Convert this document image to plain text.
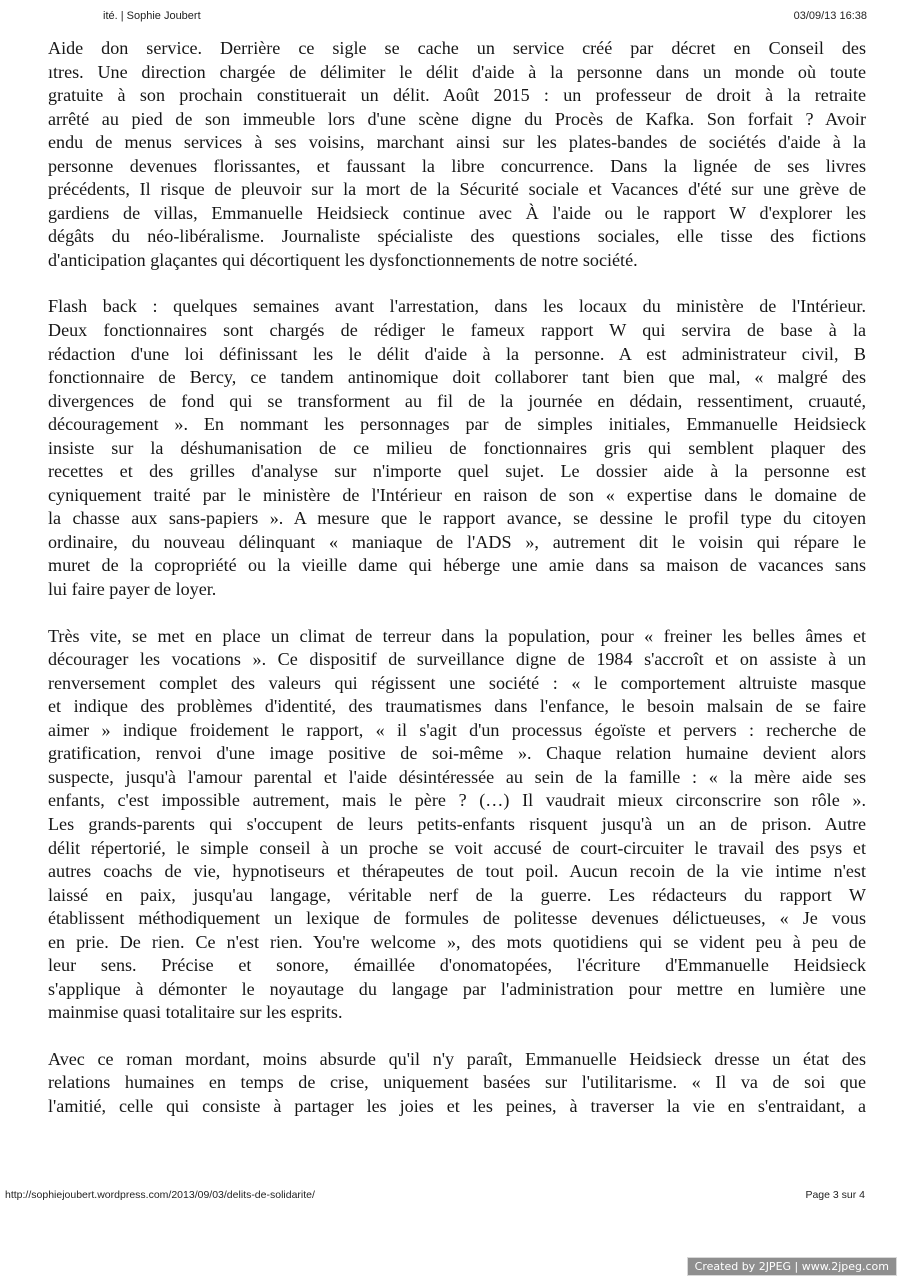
ité. | Sophie Joubert	03/09/13 16:38

Aide don service. Derrière ce sigle se cache un service créé par décret en Conseil des
ıtres. Une direction chargée de délimiter le délit d'aide à la personne dans un monde où toute
gratuite à son prochain constituerait un délit. Août 2015 : un professeur de droit à la retraite
arrêté au pied de son immeuble lors d'une scène digne du Procès de Kafka. Son forfait ? Avoir
endu de menus services à ses voisins, marchant ainsi sur les plates-bandes de sociétés d'aide à la
personne devenues florissantes, et faussant la libre concurrence. Dans la lignée de ses livres
précédents, Il risque de pleuvoir sur la mort de la Sécurité sociale et Vacances d'été sur une grève de
gardiens de villas, Emmanuelle Heidsieck continue avec À l'aide ou le rapport W d'explorer les
dégâts du néo-libéralisme. Journaliste spécialiste des questions sociales, elle tisse des fictions
d'anticipation glaçantes qui décortiquent les dysfonctionnements de notre société.

Flash back : quelques semaines avant l'arrestation, dans les locaux du ministère de l'Intérieur.
Deux fonctionnaires sont chargés de rédiger le fameux rapport W qui servira de base à la
rédaction d'une loi définissant les le délit d'aide à la personne. A est administrateur civil, B
fonctionnaire de Bercy, ce tandem antinomique doit collaborer tant bien que mal, « malgré des
divergences de fond qui se transforment au fil de la journée en dédain, ressentiment, cruauté,
découragement ». En nommant les personnages par de simples initiales, Emmanuelle Heidsieck
insiste sur la déshumanisation de ce milieu de fonctionnaires gris qui semblent plaquer des
recettes et des grilles d'analyse sur n'importe quel sujet. Le dossier aide à la personne est
cyniquement traité par le ministère de l'Intérieur en raison de son « expertise dans le domaine de
la chasse aux sans-papiers ». A mesure que le rapport avance, se dessine le profil type du citoyen
ordinaire, du nouveau délinquant « maniaque de l'ADS », autrement dit le voisin qui répare le
muret de la copropriété ou la vieille dame qui héberge une amie dans sa maison de vacances sans
lui faire payer de loyer.

Très vite, se met en place un climat de terreur dans la population, pour « freiner les belles âmes et
décourager les vocations ». Ce dispositif de surveillance digne de 1984 s'accroît et on assiste à un
renversement complet des valeurs qui régissent une société : « le comportement altruiste masque
et indique des problèmes d'identité, des traumatismes dans l'enfance, le besoin malsain de se faire
aimer » indique froidement le rapport, « il s'agit d'un processus égoïste et pervers : recherche de
gratification, renvoi d'une image positive de soi-même ». Chaque relation humaine devient alors
suspecte, jusqu'à l'amour parental et l'aide désintéressée au sein de la famille : « la mère aide ses
enfants, c'est impossible autrement, mais le père ? (…) Il vaudrait mieux circonscrire son rôle ».
Les grands-parents qui s'occupent de leurs petits-enfants risquent jusqu'à un an de prison. Autre
délit répertorié, le simple conseil à un proche se voit accusé de court-circuiter le travail des psys et
autres coachs de vie, hypnotiseurs et thérapeutes de tout poil. Aucun recoin de la vie intime n'est
laissé en paix, jusqu'au langage, véritable nerf de la guerre. Les rédacteurs du rapport W
établissent méthodiquement un lexique de formules de politesse devenues délictueuses, « Je vous
en prie. De rien. Ce n'est rien. You're welcome », des mots quotidiens qui se vident peu à peu de
leur sens. Précise et sonore, émaillée d'onomatopées, l'écriture d'Emmanuelle Heidsieck
s'applique à démonter le noyautage du langage par l'administration pour mettre en lumière une
mainmise quasi totalitaire sur les esprits.

Avec ce roman mordant, moins absurde qu'il n'y paraît, Emmanuelle Heidsieck dresse un état des
relations humaines en temps de crise, uniquement basées sur l'utilitarisme. « Il va de soi que
l'amitié, celle qui consiste à partager les joies et les peines, à traverser la vie en s'entraidant, a

http://sophiejoubert.wordpress.com/2013/09/03/delits-de-solidarite/	Page 3 sur 4
Created by 2JPEG | www.2jpeg.com
